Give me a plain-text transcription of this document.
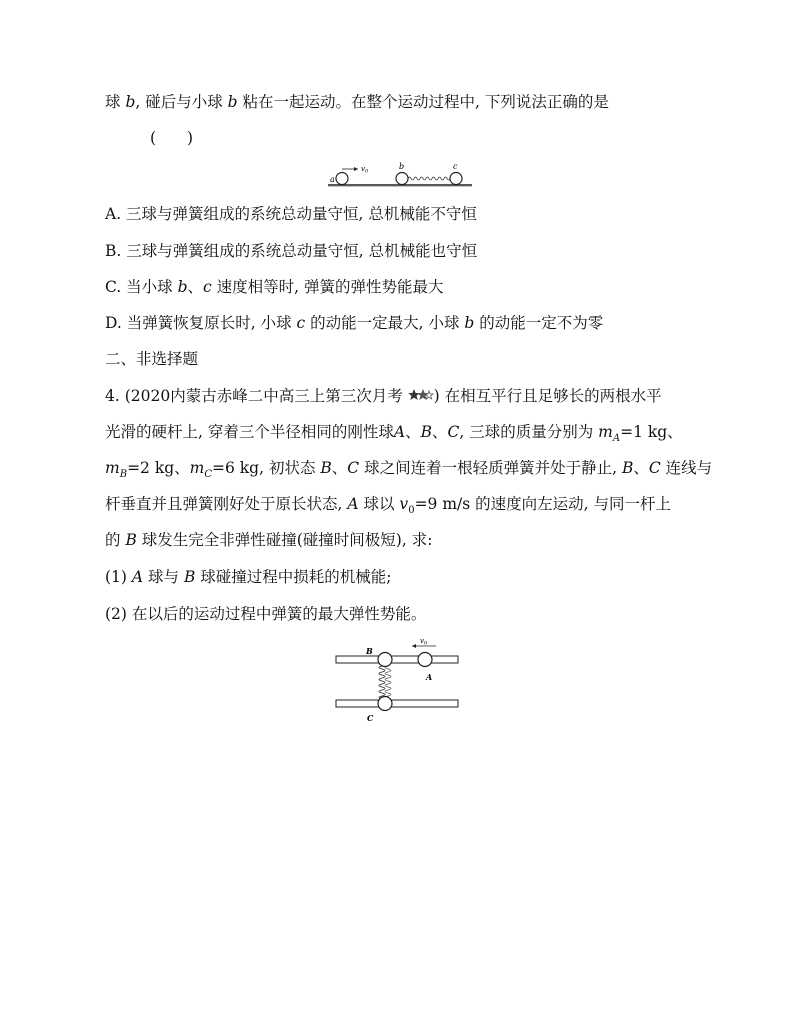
球 b, 碰后与小球 b 粘在一起运动。在整个运动过程中, 下列说法正确的是
(　　)
$v_0$
a
b	c
A. 三球与弹簧组成的系统总动量守恒, 总机械能不守恒
B. 三球与弹簧组成的系统总动量守恒, 总机械能也守恒
C. 当小球 b、c 速度相等时, 弹簧的弹性势能最大
D. 当弹簧恢复原长时, 小球 c 的动能一定最大, 小球 b 的动能一定不为零
二、非选择题
4. (2020内蒙古赤峰二中高三上第三次月考 ) 在相互平行且足够长的两根水平
光滑的硬杆上, 穿着三个半径相同的刚性球A、B、C, 三球的质量分别为 $m_A=1$ kg、
$m_B=2$ kg、$m_C=6$ kg, 初状态 B、C 球之间连着一根轻质弹簧并处于静止, B、C 连线与
杆垂直并且弹簧刚好处于原长状态, A 球以 $v_0=9$ m/s 的速度向左运动, 与同一杆上
的 B 球发生完全非弹性碰撞(碰撞时间极短), 求:
(1) A 球与 B 球碰撞过程中损耗的机械能;
(2) 在以后的运动过程中弹簧的最大弹性势能。
$v_0$
B
A
C
